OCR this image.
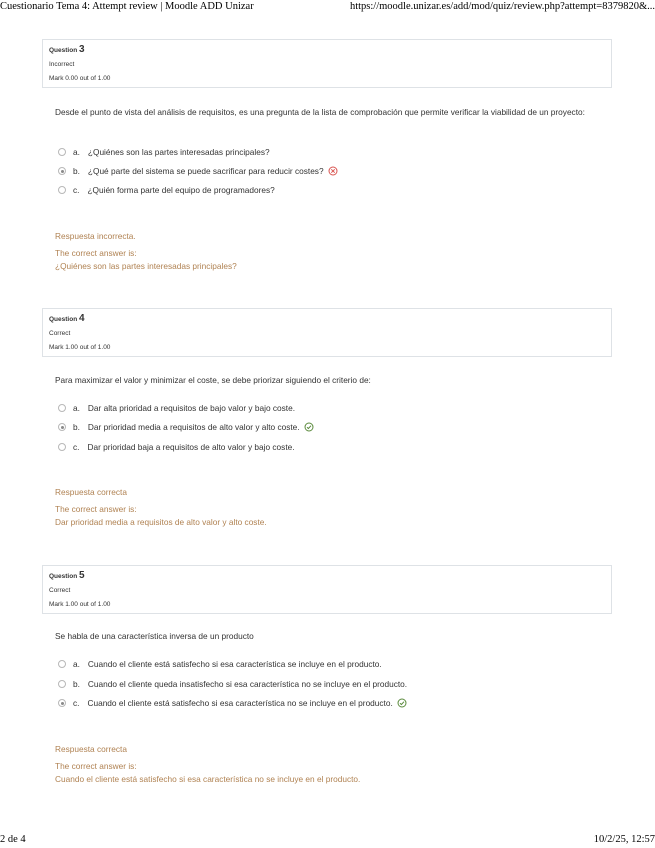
Cuestionario Tema 4: Attempt review | Moodle ADD Unizar	https://moodle.unizar.es/add/mod/quiz/review.php?attempt=8379820&...
Question 3
Incorrect
Mark 0.00 out of 1.00
Desde el punto de vista del análisis de requisitos, es una pregunta de la lista de comprobación que permite verificar la viabilidad de un proyecto:
a. ¿Quiénes son las partes interesadas principales?
b. ¿Qué parte del sistema se puede sacrificar para reducir costes?
c. ¿Quién forma parte del equipo de programadores?
Respuesta incorrecta.
The correct answer is:
¿Quiénes son las partes interesadas principales?
Question 4
Correct
Mark 1.00 out of 1.00
Para maximizar el valor y minimizar el coste, se debe priorizar siguiendo el criterio de:
a. Dar alta prioridad a requisitos de bajo valor y bajo coste.
b. Dar prioridad media a requisitos de alto valor y alto coste.
c. Dar prioridad baja a requisitos de alto valor y bajo coste.
Respuesta correcta
The correct answer is:
Dar prioridad media a requisitos de alto valor y alto coste.
Question 5
Correct
Mark 1.00 out of 1.00
Se habla de una característica inversa de un producto
a. Cuando el cliente está satisfecho si esa característica se incluye en el producto.
b. Cuando el cliente queda insatisfecho si esa característica no se incluye en el producto.
c. Cuando el cliente está satisfecho si esa característica no se incluye en el producto.
Respuesta correcta
The correct answer is:
Cuando el cliente está satisfecho si esa característica no se incluye en el producto.
2 de 4	10/2/25, 12:57
